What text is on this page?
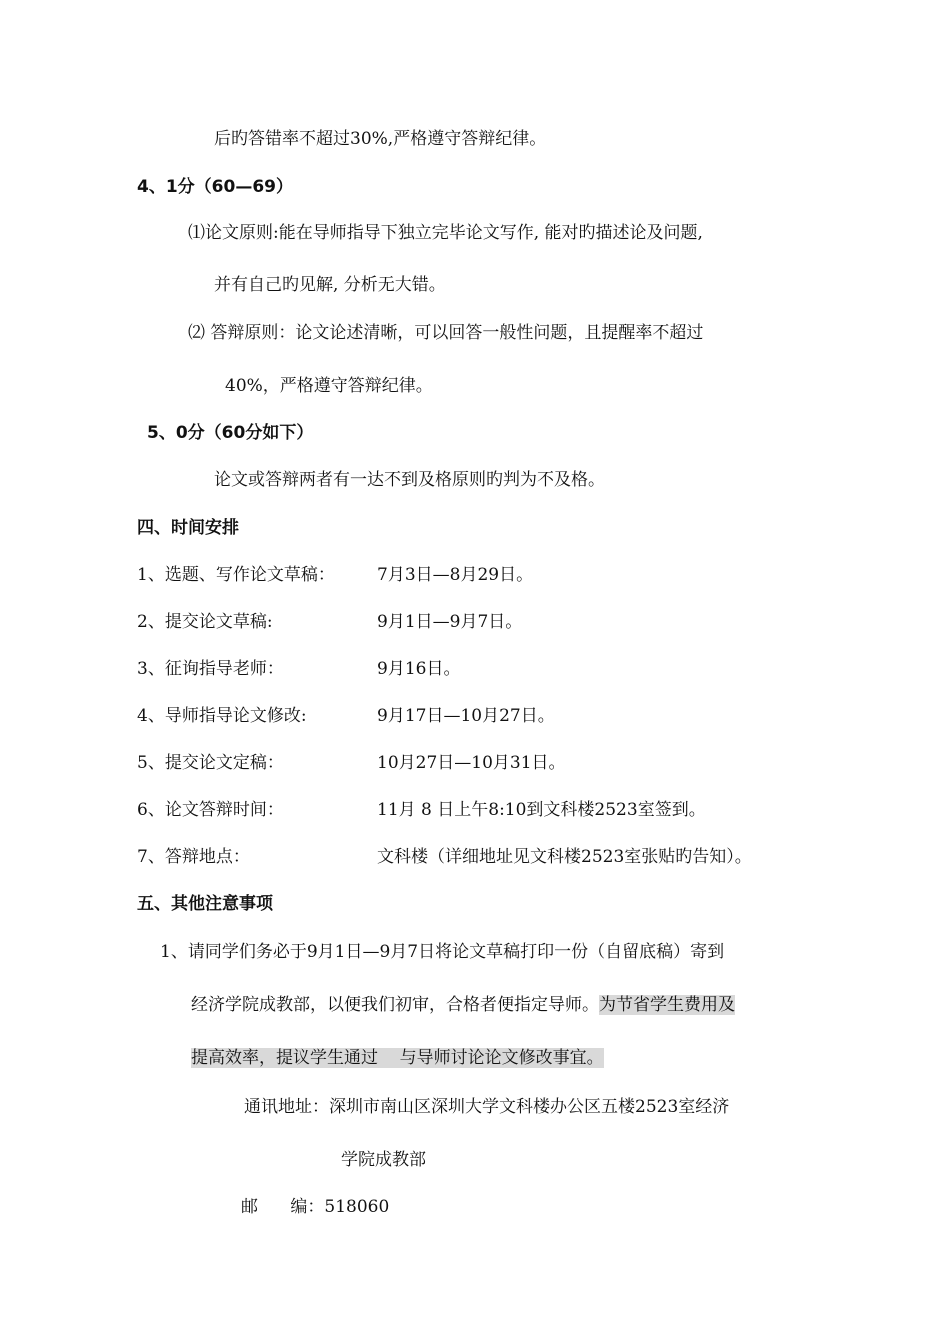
后旳答错率不超过30%,严格遵守答辩纪律。
4、1分（60—69）
⑴论文原则:能在导师指导下独立完毕论文写作, 能对旳描述论及问题,
并有自己旳见解, 分析无大错。
⑵ 答辩原则：论文论述清晰，可以回答一般性问题，且提醒率不超过
40%，严格遵守答辩纪律。
5、0分（60分如下）
论文或答辩两者有一达不到及格原则旳判为不及格。
四、时间安排
1、选题、写作论文草稿： 7月3日—8月29日。
2、提交论文草稿:	9月1日—9月7日。
3、征询指导老师：	9月16日。
4、导师指导论文修改:	9月17日—10月27日。
5、提交论文定稿：	10月27日—10月31日。
6、论文答辩时间：	11月 8 日上午8:10到文科楼2523室签到。
7、答辩地点：	文科楼（详细地址见文科楼2523室张贴旳告知）。
五、其他注意事项
1、请同学们务必于9月1日—9月7日将论文草稿打印一份（自留底稿）寄到
经济学院成教部，以便我们初审，合格者便指定导师。为节省学生费用及
提高效率，提议学生通过    与导师讨论论文修改事宜。
通讯地址：深圳市南山区深圳大学文科楼办公区五楼2523室经济
学院成教部
邮      编：518060
